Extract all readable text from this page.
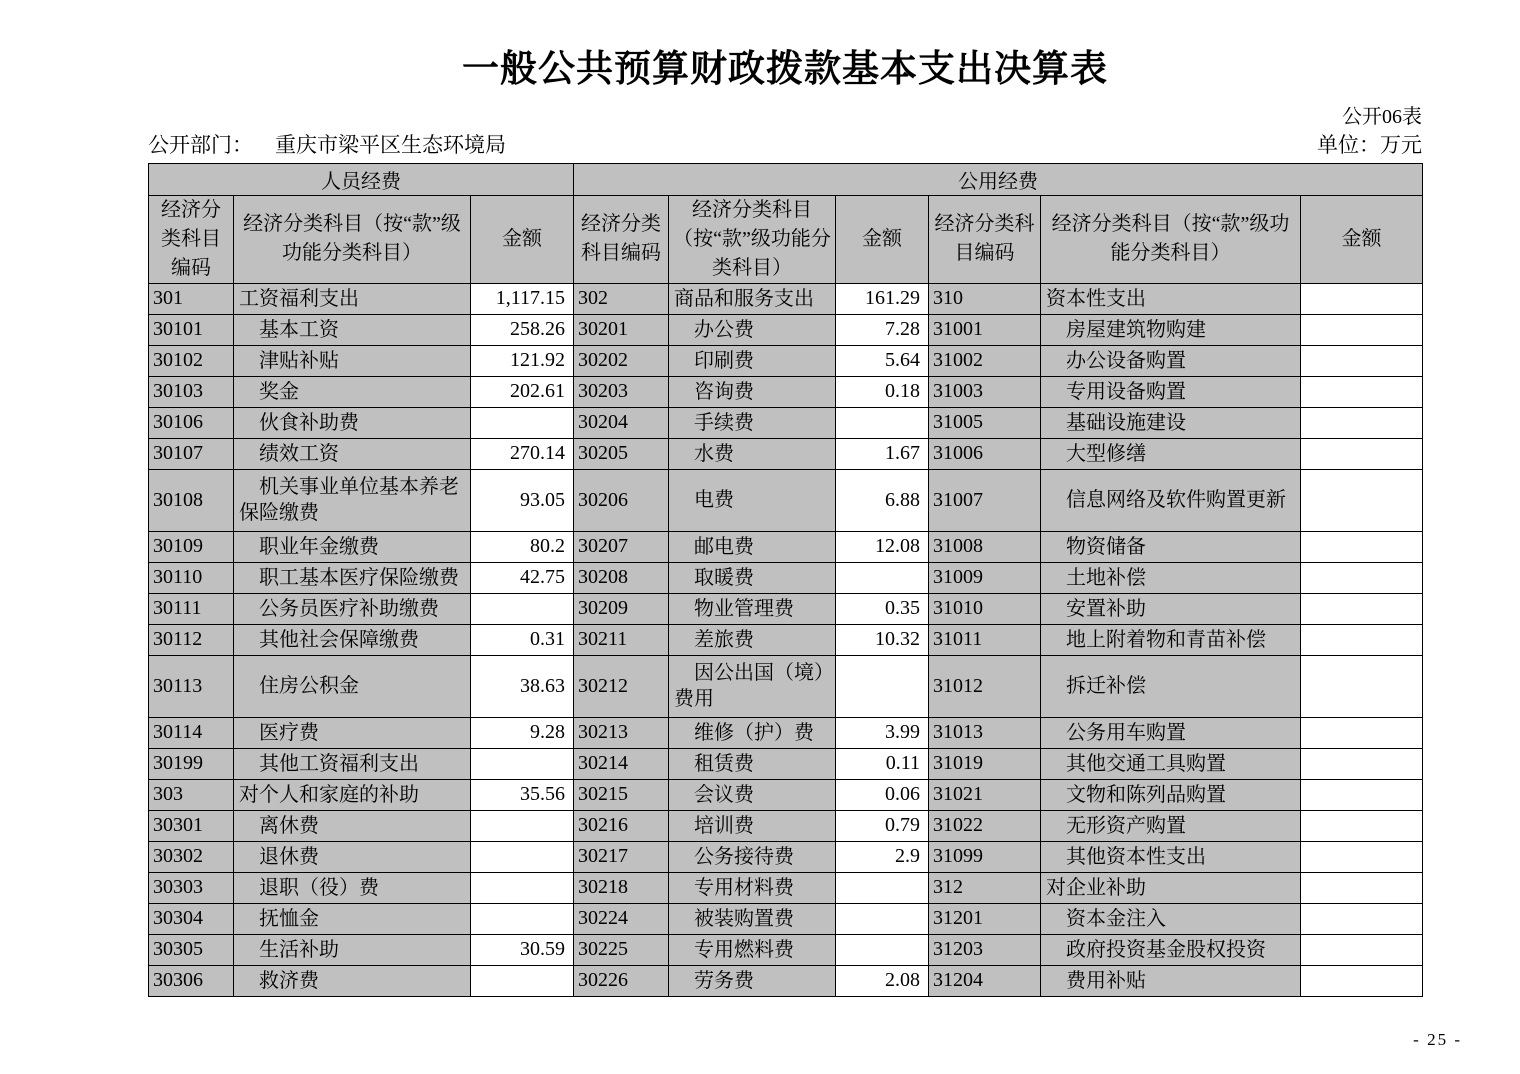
一般公共预算财政拨款基本支出决算表
公开06表
公开部门： 重庆市梁平区生态环境局	单位：万元
人员经费			公用经费					
经济分类科目编码	经济分类科目（按“款”级功能分类科目）	金额	经济分类科目编码	经济分类科目（按“款”级功能分类科目）	金额	经济分类科目编码	经济分类科目（按“款”级功能分类科目）	金额
301	工资福利支出	1,117.15	302	商品和服务支出	161.29	310	资本性支出	
30101	　基本工资	258.26	30201	　办公费	7.28	31001	　房屋建筑物购建	
30102	　津贴补贴	121.92	30202	　印刷费	5.64	31002	　办公设备购置	
30103	　奖金	202.61	30203	　咨询费	0.18	31003	　专用设备购置	
30106	　伙食补助费		30204	　手续费		31005	　基础设施建设	
30107	　绩效工资	270.14	30205	　水费	1.67	31006	　大型修缮	
30108	　机关事业单位基本养老保险缴费	93.05	30206	　电费	6.88	31007	　信息网络及软件购置更新	
30109	　职业年金缴费	80.2	30207	　邮电费	12.08	31008	　物资储备	
30110	　职工基本医疗保险缴费	42.75	30208	　取暖费		31009	　土地补偿	
30111	　公务员医疗补助缴费		30209	　物业管理费	0.35	31010	　安置补助	
30112	　其他社会保障缴费	0.31	30211	　差旅费	10.32	31011	　地上附着物和青苗补偿	
30113	　住房公积金	38.63	30212	　因公出国（境）费用		31012	　拆迁补偿	
30114	　医疗费	9.28	30213	　维修（护）费	3.99	31013	　公务用车购置	
30199	　其他工资福利支出		30214	　租赁费	0.11	31019	　其他交通工具购置	
303	对个人和家庭的补助	35.56	30215	　会议费	0.06	31021	　文物和陈列品购置	
30301	　离休费		30216	　培训费	0.79	31022	　无形资产购置	
30302	　退休费		30217	　公务接待费	2.9	31099	　其他资本性支出	
30303	　退职（役）费		30218	　专用材料费		312	对企业补助	
30304	　抚恤金		30224	　被装购置费		31201	　资本金注入	
30305	　生活补助	30.59	30225	　专用燃料费		31203	　政府投资基金股权投资	
30306	　救济费		30226	　劳务费	2.08	31204	　费用补贴	
- 25 -
